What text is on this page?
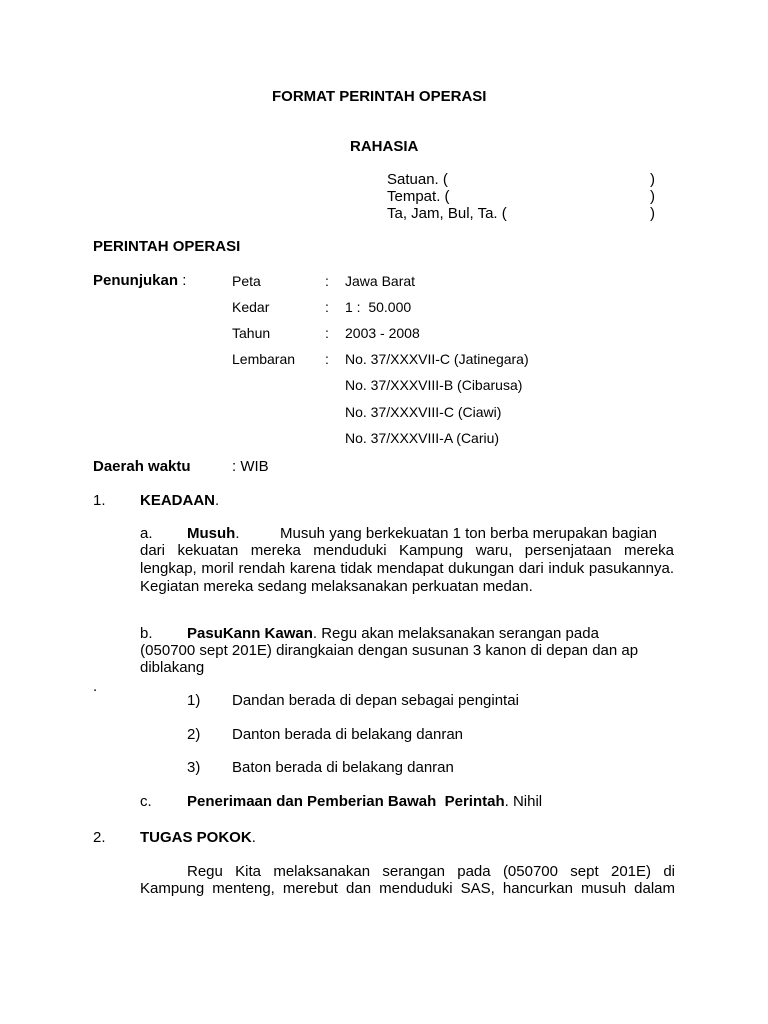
FORMAT PERINTAH OPERASI
RAHASIA
Satuan. (	)
Tempat. (	)
Ta, Jam, Bul, Ta. (	)
PERINTAH OPERASI
Penunjukan :	Peta	: Jawa Barat
Kedar	: 1 :  50.000
Tahun	: 2003 - 2008
Lembaran : No. 37/XXXVII-C (Jatinegara)
No. 37/XXXVIII-B (Cibarusa)
No. 37/XXXVIII-C (Ciawi)
No. 37/XXXVIII-A (Cariu)
Daerah waktu	: WIB
1. KEADAAN.
a. Musuh.	Musuh yang berkekuatan 1 ton berba merupakan bagian
dari kekuatan mereka menduduki Kampung waru, persenjataan mereka lengkap, moril rendah karena tidak mendapat dukungan dari induk pasukannya. Kegiatan mereka sedang melaksanakan perkuatan medan.
b. PasuKann Kawan. Regu akan melaksanakan serangan pada
(050700 sept 201E) dirangkaian dengan susunan 3 kanon di depan dan ap
diblakang
.
1) Dandan berada di depan sebagai pengintai
2) Danton berada di belakang danran
3) Baton berada di belakang danran
c. Penerimaan dan Pemberian Bawah  Perintah. Nihil
2. TUGAS POKOK.
Regu Kita melaksanakan serangan pada (050700 sept 201E) di
Kampung menteng, merebut dan menduduki SAS, hancurkan musuh dalam
